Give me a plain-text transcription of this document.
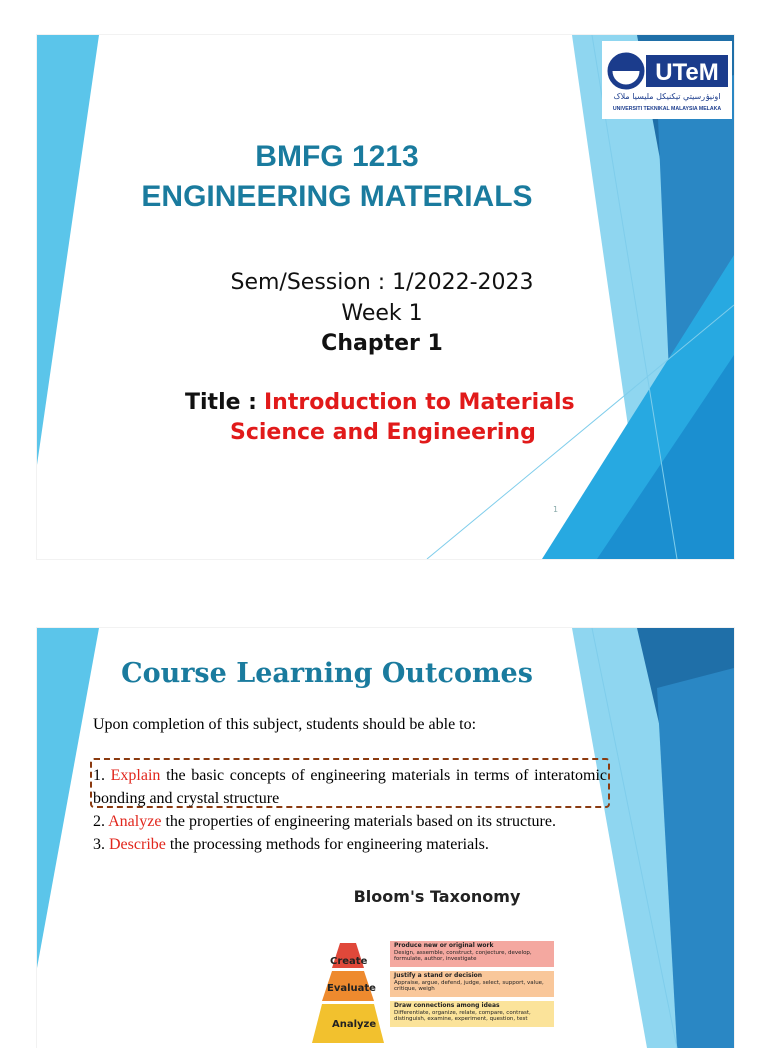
UTeM
اونيۏرسيتي تيکنيکل مليسيا ملاک
UNIVERSITI TEKNIKAL MALAYSIA MELAKA
BMFG 1213
ENGINEERING MATERIALS
Sem/Session : 1/2022-2023
Week 1
Chapter 1
Title : Introduction to Materials
Science and Engineering
1
Course Learning Outcomes
Upon completion of this subject, students should be able to:

1. Explain the basic concepts of engineering materials in terms of interatomic bonding and crystal structure

2. Analyze the properties of engineering materials based on its structure.

3. Describe the processing methods for engineering materials.

Bloom's Taxonomy
Create
Evaluate
Analyze
Produce new or original work
Design, assemble, construct, conjecture, develop, formulate, author, investigate
Justify a stand or decision
Appraise, argue, defend, judge, select, support, value, critique, weigh
Draw connections among ideas
Differentiate, organize, relate, compare, contrast, distinguish, examine, experiment, question, test
